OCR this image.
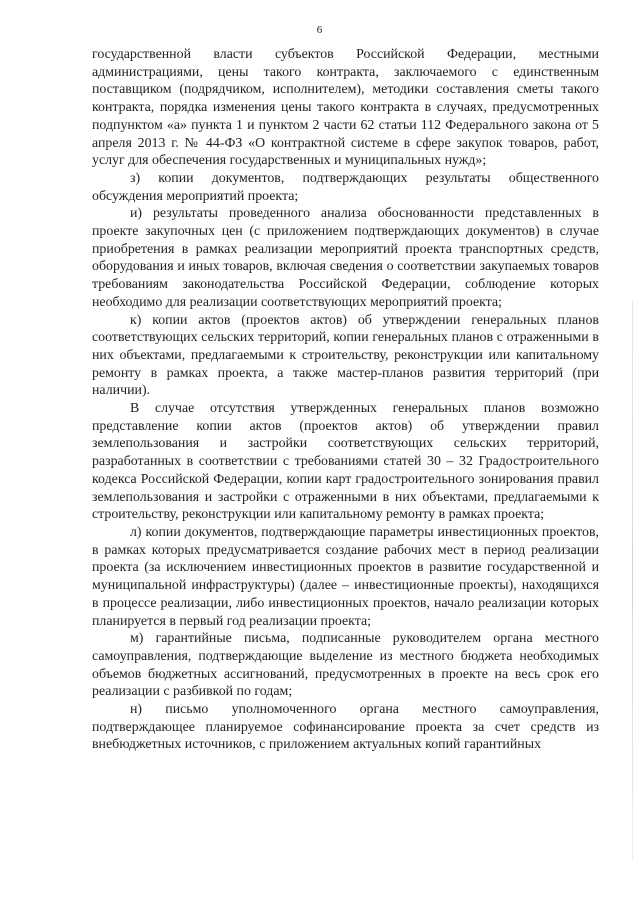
6

государственной власти субъектов Российской Федерации, местными администрациями, цены такого контракта, заключаемого с единственным поставщиком (подрядчиком, исполнителем), методики составления сметы такого контракта, порядка изменения цены такого контракта в случаях, предусмотренных подпунктом «а» пункта 1 и пунктом 2 части 62 статьи 112 Федерального закона от 5 апреля 2013 г. № 44-ФЗ «О контрактной системе в сфере закупок товаров, работ, услуг для обеспечения государственных и муниципальных нужд»;

з) копии документов, подтверждающих результаты общественного обсуждения мероприятий проекта;

и) результаты проведенного анализа обоснованности представленных в проекте закупочных цен (с приложением подтверждающих документов) в случае приобретения в рамках реализации мероприятий проекта транспортных средств, оборудования и иных товаров, включая сведения о соответствии закупаемых товаров требованиям законодательства Российской Федерации, соблюдение которых необходимо для реализации соответствующих мероприятий проекта;

к) копии актов (проектов актов) об утверждении генеральных планов соответствующих сельских территорий, копии генеральных планов с отраженными в них объектами, предлагаемыми к строительству, реконструкции или капитальному ремонту в рамках проекта, а также мастер-планов развития территорий (при наличии).

В случае отсутствия утвержденных генеральных планов возможно представление копии актов (проектов актов) об утверждении правил землепользования и застройки соответствующих сельских территорий, разработанных в соответствии с требованиями статей 30 – 32 Градостроительного кодекса Российской Федерации, копии карт градостроительного зонирования правил землепользования и застройки с отраженными в них объектами, предлагаемыми к строительству, реконструкции или капитальному ремонту в рамках проекта;

л) копии документов, подтверждающие параметры инвестиционных проектов, в рамках которых предусматривается создание рабочих мест в период реализации проекта (за исключением инвестиционных проектов в развитие государственной и муниципальной инфраструктуры) (далее – инвестиционные проекты), находящихся в процессе реализации, либо инвестиционных проектов, начало реализации которых планируется в первый год реализации проекта;

м) гарантийные письма, подписанные руководителем органа местного самоуправления, подтверждающие выделение из местного бюджета необходимых объемов бюджетных ассигнований, предусмотренных в проекте на весь срок его реализации с разбивкой по годам;

н) письмо уполномоченного органа местного самоуправления, подтверждающее планируемое софинансирование проекта за счет средств из внебюджетных источников, с приложением актуальных копий гарантийных
